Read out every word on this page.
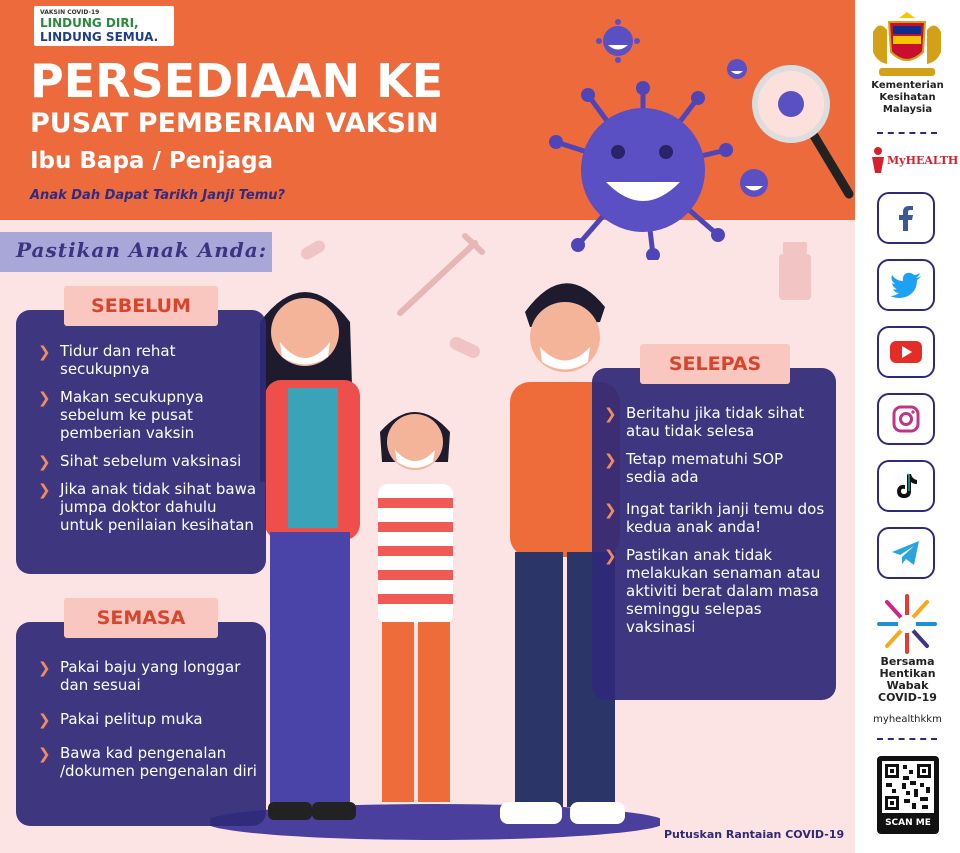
VAKSIN COVID-19
LINDUNG DIRI,
LINDUNG SEMUA.
PERSEDIAAN KE
PUSAT PEMBERIAN VAKSIN
Ibu Bapa / Penjaga
Anak Dah Dapat Tarikh Janji Temu?
Pastikan Anak Anda:
SEBELUM
❯ Tidur dan rehat secukupnya
❯ Makan secukupnya sebelum ke pusat pemberian vaksin
❯ Sihat sebelum vaksinasi
❯ Jika anak tidak sihat bawa jumpa doktor dahulu untuk penilaian kesihatan
SEMASA
❯ Pakai baju yang longgar dan sesuai
❯ Pakai pelitup muka
❯ Bawa kad pengenalan /dokumen pengenalan diri
SELEPAS
❯ Beritahu jika tidak sihat atau tidak selesa
❯ Tetap mematuhi SOP sedia ada
❯ Ingat tarikh janji temu dos kedua anak anda!
❯ Pastikan anak tidak melakukan senaman atau aktiviti berat dalam masa seminggu selepas vaksinasi
Putuskan Rantaian COVID-19
Kementerian
Kesihatan
Malaysia
MyHEALTH
Bersama
Hentikan
Wabak
COVID-19
myhealthkkm
SCAN ME
